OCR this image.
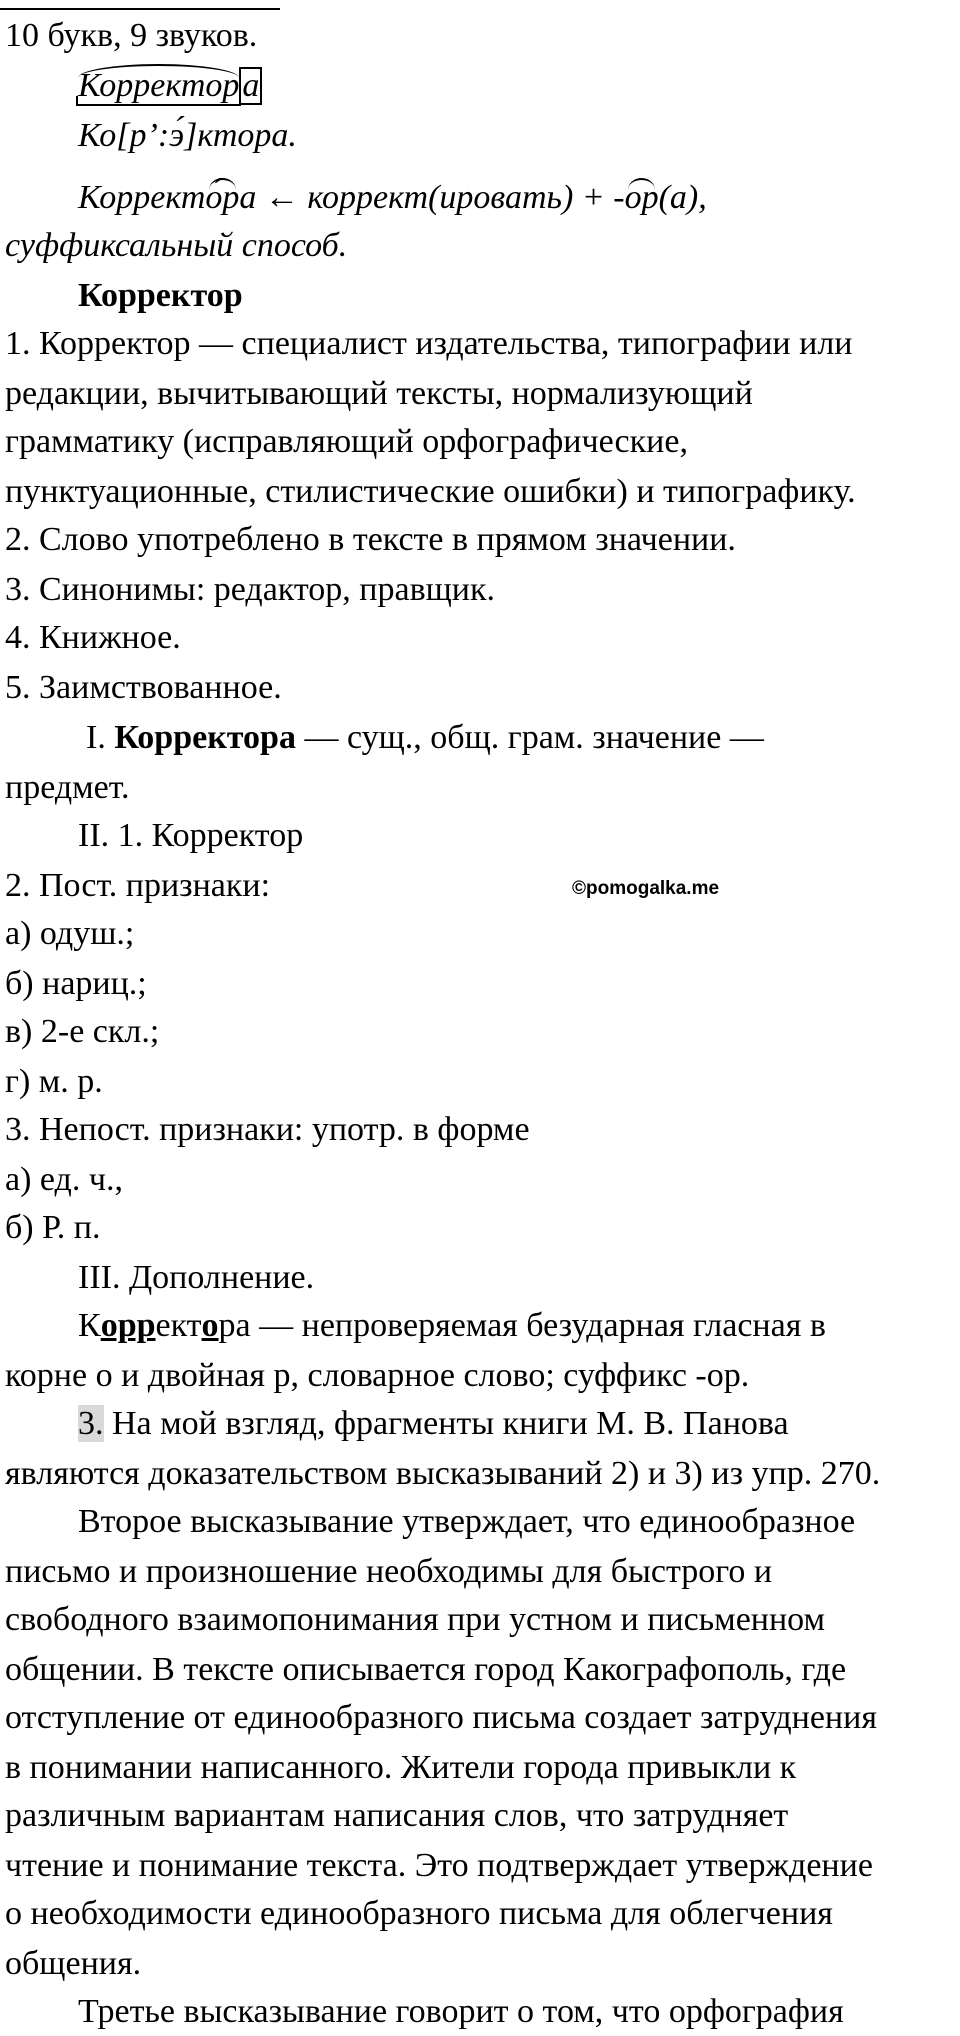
10 букв, 9 звуков.
Корректора
Ко[р’:э́]ктора.
Корректо́ра ← коррект(ировать) + -ор(а),
суффиксальный способ.
Корректор
1. Корректор — специалист издательства, типографии или
редакции, вычитывающий тексты, нормализующий
грамматику (исправляющий орфографические,
пунктуационные, стилистические ошибки) и типографику.
2. Слово употреблено в тексте в прямом значении.
3. Синонимы: редактор, правщик.
4. Книжное.
5. Заимствованное.
I. Корректора — сущ., общ. грам. значение —
предмет.
II. 1. Корректор
2. Пост. признаки:
а) одуш.;
б) нариц.;
в) 2-е скл.;
г) м. р.
3. Непост. признаки: употр. в форме
а) ед. ч.,
б) Р. п.
III. Дополнение.
Корректора — непроверяемая безударная гласная в
корне о и двойная р, словарное слово; суффикс -ор.
3. На мой взгляд, фрагменты книги М. В. Панова
являются доказательством высказываний 2) и 3) из упр. 270.
Второе высказывание утверждает, что единообразное
письмо и произношение необходимы для быстрого и
свободного взаимопонимания при устном и письменном
общении. В тексте описывается город Какографополь, где
отступление от единообразного письма создает затруднения
в понимании написанного. Жители города привыкли к
различным вариантам написания слов, что затрудняет
чтение и понимание текста. Это подтверждает утверждение
о необходимости единообразного письма для облегчения
общения.
Третье высказывание говорит о том, что орфография
©pomogalka.me
